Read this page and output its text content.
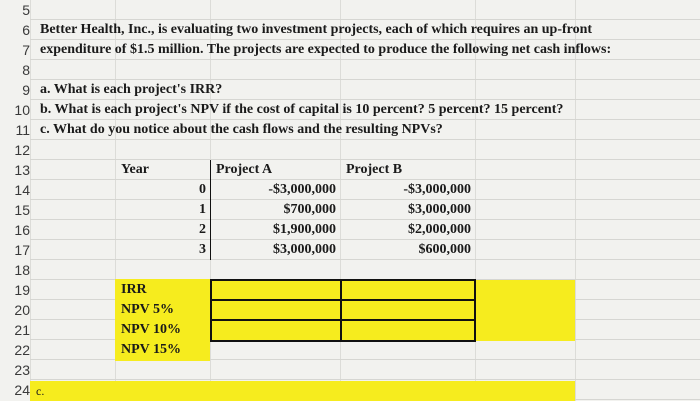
5
6
7
8
9
10
11
12
13
14
15
16
17
18
19
20
21
22
23
24
Better Health, Inc., is evaluating two investment projects, each of which requires an up-front
expenditure of $1.5 million. The projects are expected to produce the following net cash inflows:
a. What is each project's IRR?
b. What is each project's NPV if the cost of capital is 10 percent? 5 percent? 15 percent?
c. What do you notice about the cash flows and the resulting NPVs?
Year	Project A	Project B
0
1
2
3
-$3,000,000
$700,000
$1,900,000
$3,000,000
-$3,000,000
$3,000,000
$2,000,000
$600,000
IRR
NPV 5%
NPV 10%
NPV 15%
c.
